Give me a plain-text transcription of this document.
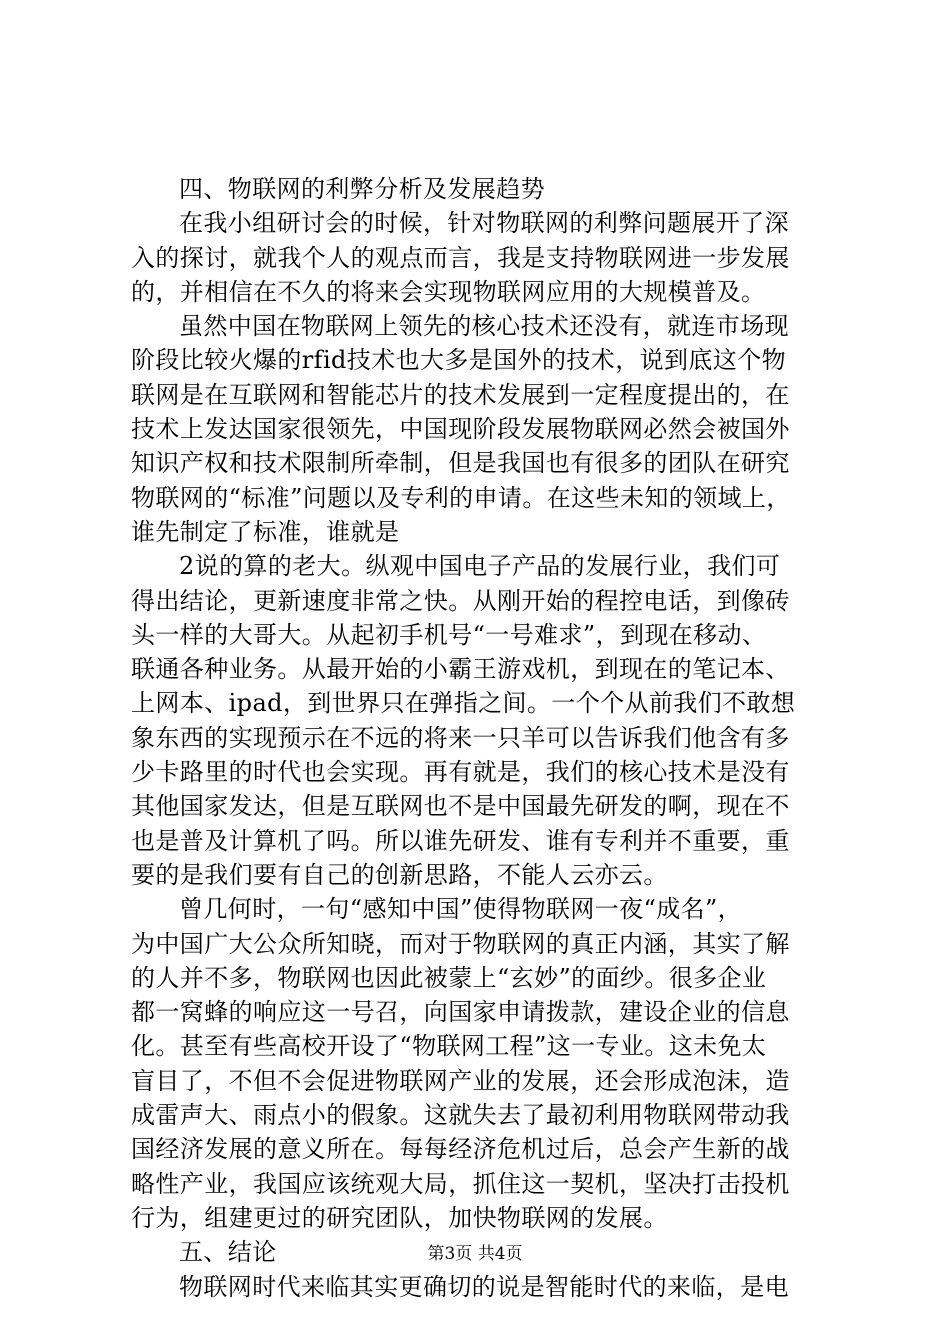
四、物联网的利弊分析及发展趋势
在我小组研讨会的时候，针对物联网的利弊问题展开了深
入的探讨，就我个人的观点而言，我是支持物联网进一步发展
的，并相信在不久的将来会实现物联网应用的大规模普及。
虽然中国在物联网上领先的核心技术还没有，就连市场现
阶段比较火爆的rfid技术也大多是国外的技术，说到底这个物
联网是在互联网和智能芯片的技术发展到一定程度提出的，在
技术上发达国家很领先，中国现阶段发展物联网必然会被国外
知识产权和技术限制所牵制，但是我国也有很多的团队在研究
物联网的“标准”问题以及专利的申请。在这些未知的领域上，
谁先制定了标准，谁就是
2说的算的老大。纵观中国电子产品的发展行业，我们可
得出结论，更新速度非常之快。从刚开始的程控电话，到像砖
头一样的大哥大。从起初手机号“一号难求”，到现在移动、
联通各种业务。从最开始的小霸王游戏机，到现在的笔记本、
上网本、ipad，到世界只在弹指之间。一个个从前我们不敢想
象东西的实现预示在不远的将来一只羊可以告诉我们他含有多
少卡路里的时代也会实现。再有就是，我们的核心技术是没有
其他国家发达，但是互联网也不是中国最先研发的啊，现在不
也是普及计算机了吗。所以谁先研发、谁有专利并不重要，重
要的是我们要有自己的创新思路，不能人云亦云。
曾几何时，一句“感知中国”使得物联网一夜“成名”，
为中国广大公众所知晓，而对于物联网的真正内涵，其实了解
的人并不多，物联网也因此被蒙上“玄妙”的面纱。很多企业
都一窝蜂的响应这一号召，向国家申请拨款，建设企业的信息
化。甚至有些高校开设了“物联网工程”这一专业。这未免太
盲目了，不但不会促进物联网产业的发展，还会形成泡沫，造
成雷声大、雨点小的假象。这就失去了最初利用物联网带动我
国经济发展的意义所在。每每经济危机过后，总会产生新的战
略性产业，我国应该统观大局，抓住这一契机，坚决打击投机
行为，组建更过的研究团队，加快物联网的发展。
五、结论
物联网时代来临其实更确切的说是智能时代的来临，是电
第3页 共4页
